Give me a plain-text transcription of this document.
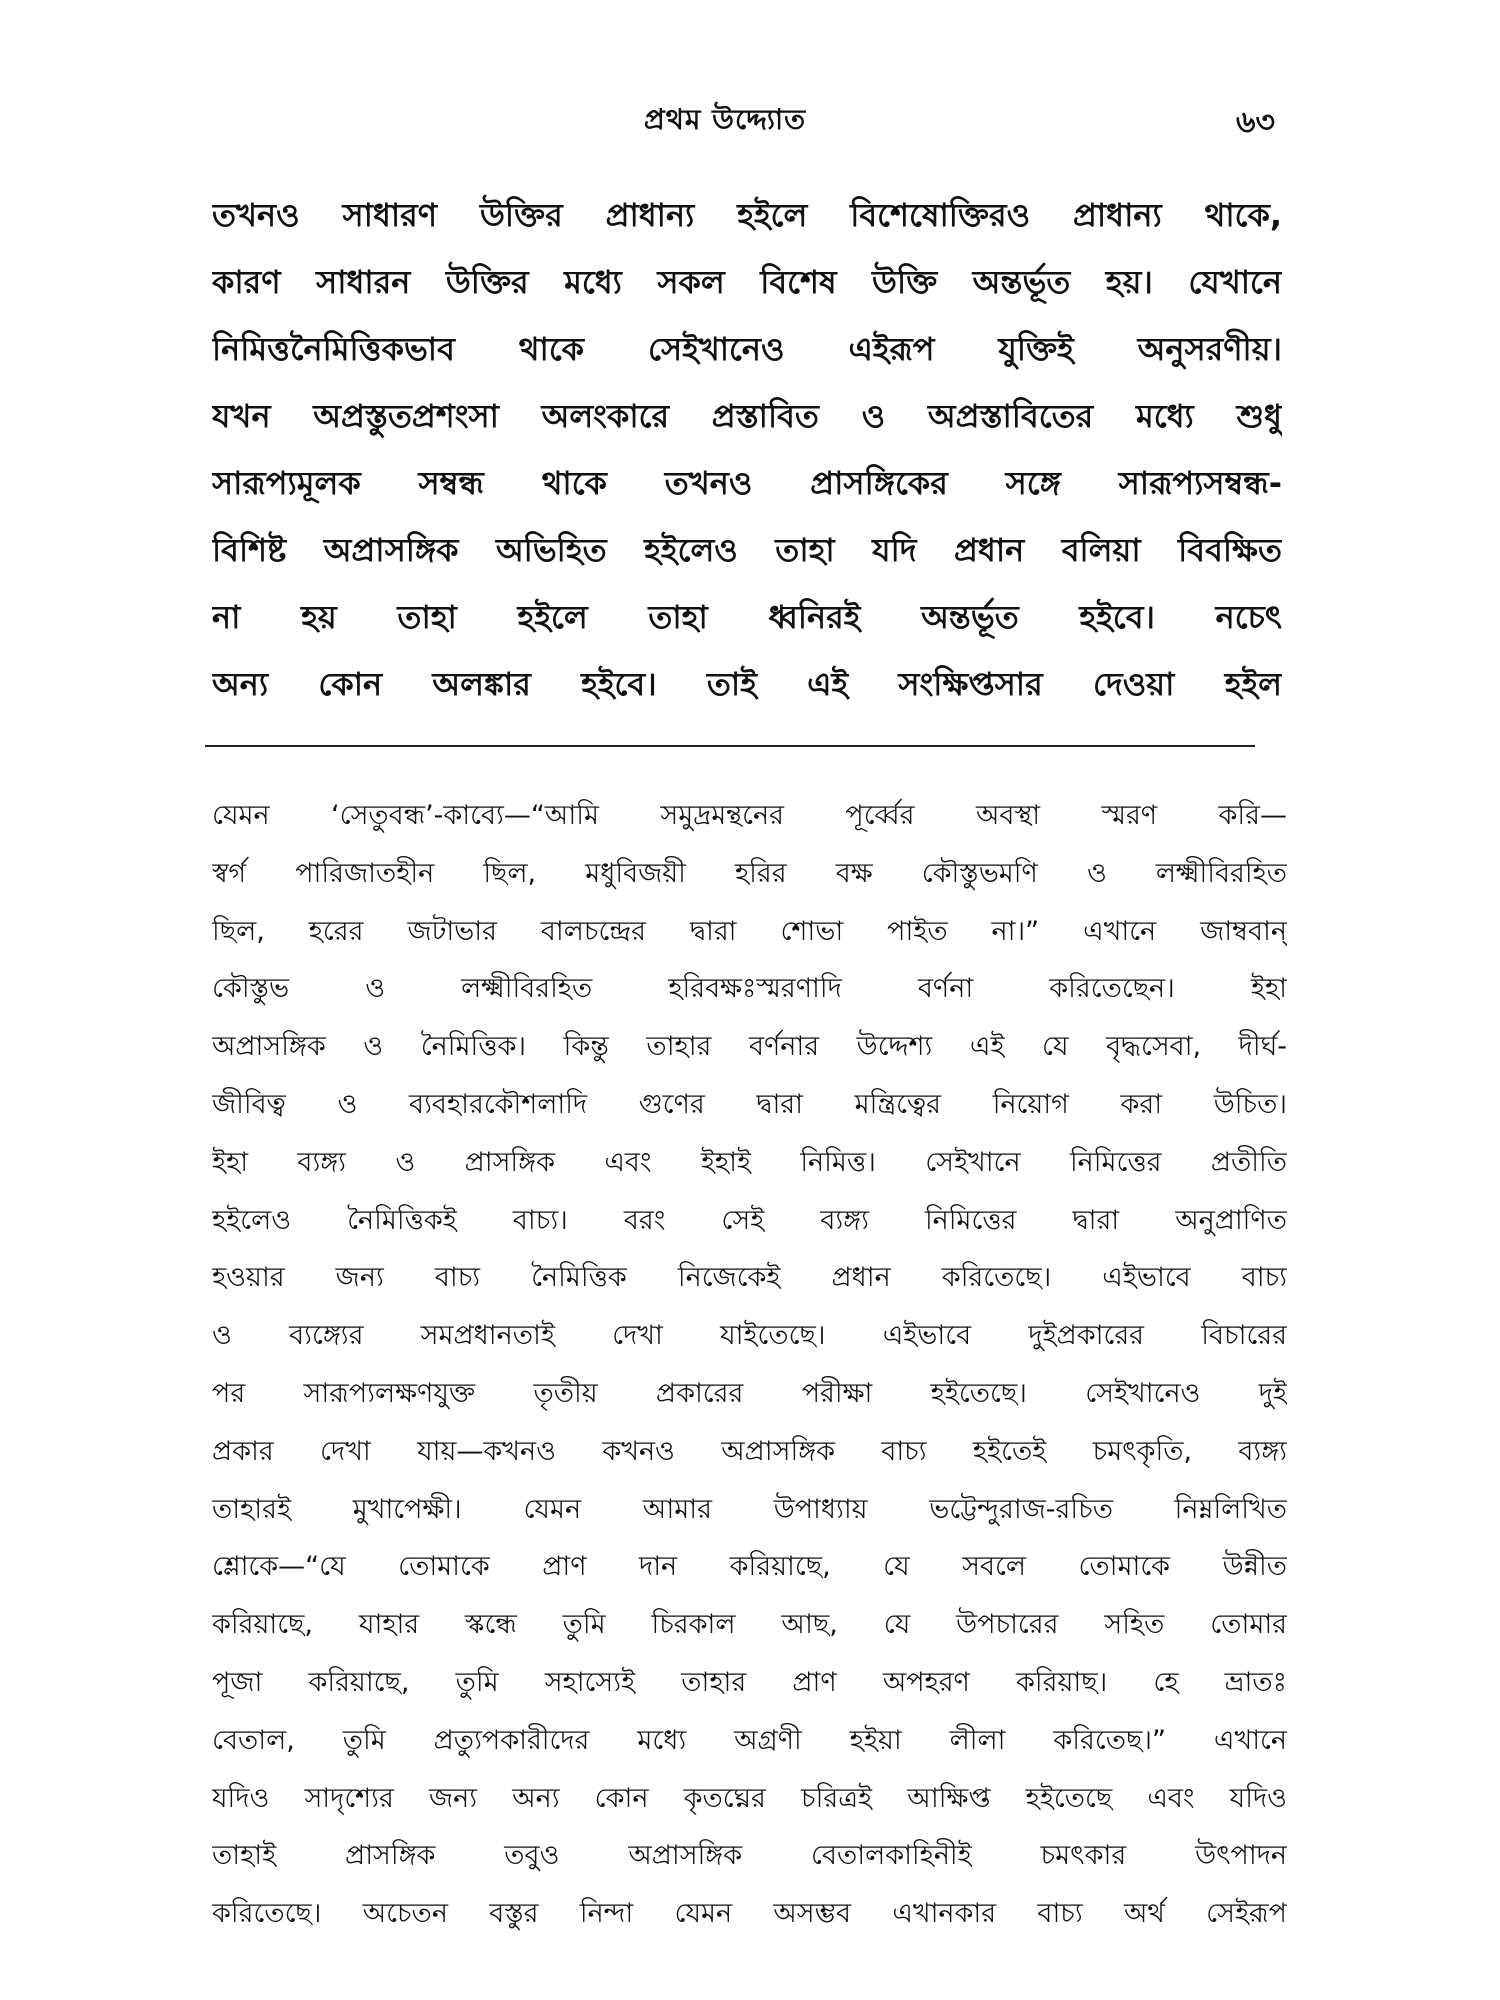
প্রথম উদ্দ্যোত	৬৩
তখনও সাধারণ উক্তির প্রাধান্য হইলে বিশেষোক্তিরও প্রাধান্য থাকে,
কারণ সাধারন উক্তির মধ্যে সকল বিশেষ উক্তি অন্তর্ভূত হয়। যেখানে
নিমিত্তনৈমিত্তিকভাব থাকে সেইখানেও এইরূপ যুক্তিই অনুসরণীয়।
যখন অপ্রস্তুতপ্রশংসা অলংকারে প্রস্তাবিত ও অপ্রস্তাবিতের মধ্যে শুধু
সারূপ্যমূলক সম্বন্ধ থাকে তখনও প্রাসঙ্গিকের সঙ্গে সারূপ্যসম্বন্ধ-
বিশিষ্ট অপ্রাসঙ্গিক অভিহিত হইলেও তাহা যদি প্রধান বলিয়া বিবক্ষিত
না হয় তাহা হইলে তাহা ধ্বনিরই অন্তর্ভূত হইবে। নচেৎ
অন্য কোন অলঙ্কার হইবে। তাই এই সংক্ষিপ্তসার দেওয়া হইল
যেমন ‘সেতুবন্ধ’-কাব্যে—“আমি সমুদ্রমন্থনের পূর্ব্বের অবস্থা স্মরণ করি—
স্বর্গ পারিজাতহীন ছিল, মধুবিজয়ী হরির বক্ষ কৌস্তুভমণি ও লক্ষ্মীবিরহিত
ছিল, হরের জটাভার বালচন্দ্রের দ্বারা শোভা পাইত না।” এখানে জাম্ববান্
কৌস্তুভ ও লক্ষ্মীবিরহিত হরিবক্ষঃস্মরণাদি বর্ণনা করিতেছেন। ইহা
অপ্রাসঙ্গিক ও নৈমিত্তিক। কিন্তু তাহার বর্ণনার উদ্দেশ্য এই যে বৃদ্ধসেবা, দীর্ঘ-
জীবিত্ব ও ব্যবহারকৌশলাদি গুণের দ্বারা মন্ত্রিত্বের নিয়োগ করা উচিত।
ইহা ব্যঙ্গ্য ও প্রাসঙ্গিক এবং ইহাই নিমিত্ত। সেইখানে নিমিত্তের প্রতীতি
হইলেও নৈমিত্তিকই বাচ্য। বরং সেই ব্যঙ্গ্য নিমিত্তের দ্বারা অনুপ্রাণিত
হওয়ার জন্য বাচ্য নৈমিত্তিক নিজেকেই প্রধান করিতেছে। এইভাবে বাচ্য
ও ব্যঙ্গ্যের সমপ্রধানতাই দেখা যাইতেছে। এইভাবে দুইপ্রকারের বিচারের
পর সারূপ্যলক্ষণযুক্ত তৃতীয় প্রকারের পরীক্ষা হইতেছে। সেইখানেও দুই
প্রকার দেখা যায়—কখনও কখনও অপ্রাসঙ্গিক বাচ্য হইতেই চমৎকৃতি, ব্যঙ্গ্য
তাহারই মুখাপেক্ষী। যেমন আমার উপাধ্যায় ভট্টেন্দুরাজ-রচিত নিম্নলিখিত
শ্লোকে—“যে তোমাকে প্রাণ দান করিয়াছে, যে সবলে তোমাকে উন্নীত
করিয়াছে, যাহার স্কন্ধে তুমি চিরকাল আছ, যে উপচারের সহিত তোমার
পূজা করিয়াছে, তুমি সহাস্যেই তাহার প্রাণ অপহরণ করিয়াছ। হে ভ্রাতঃ
বেতাল, তুমি প্রত্যুপকারীদের মধ্যে অগ্রণী হইয়া লীলা করিতেছ।” এখানে
যদিও সাদৃশ্যের জন্য অন্য কোন কৃতঘ্নের চরিত্রই আক্ষিপ্ত হইতেছে এবং যদিও
তাহাই প্রাসঙ্গিক তবুও অপ্রাসঙ্গিক বেতালকাহিনীই চমৎকার উৎপাদন
করিতেছে। অচেতন বস্তুর নিন্দা যেমন অসম্ভব এখানকার বাচ্য অর্থ সেইরূপ
